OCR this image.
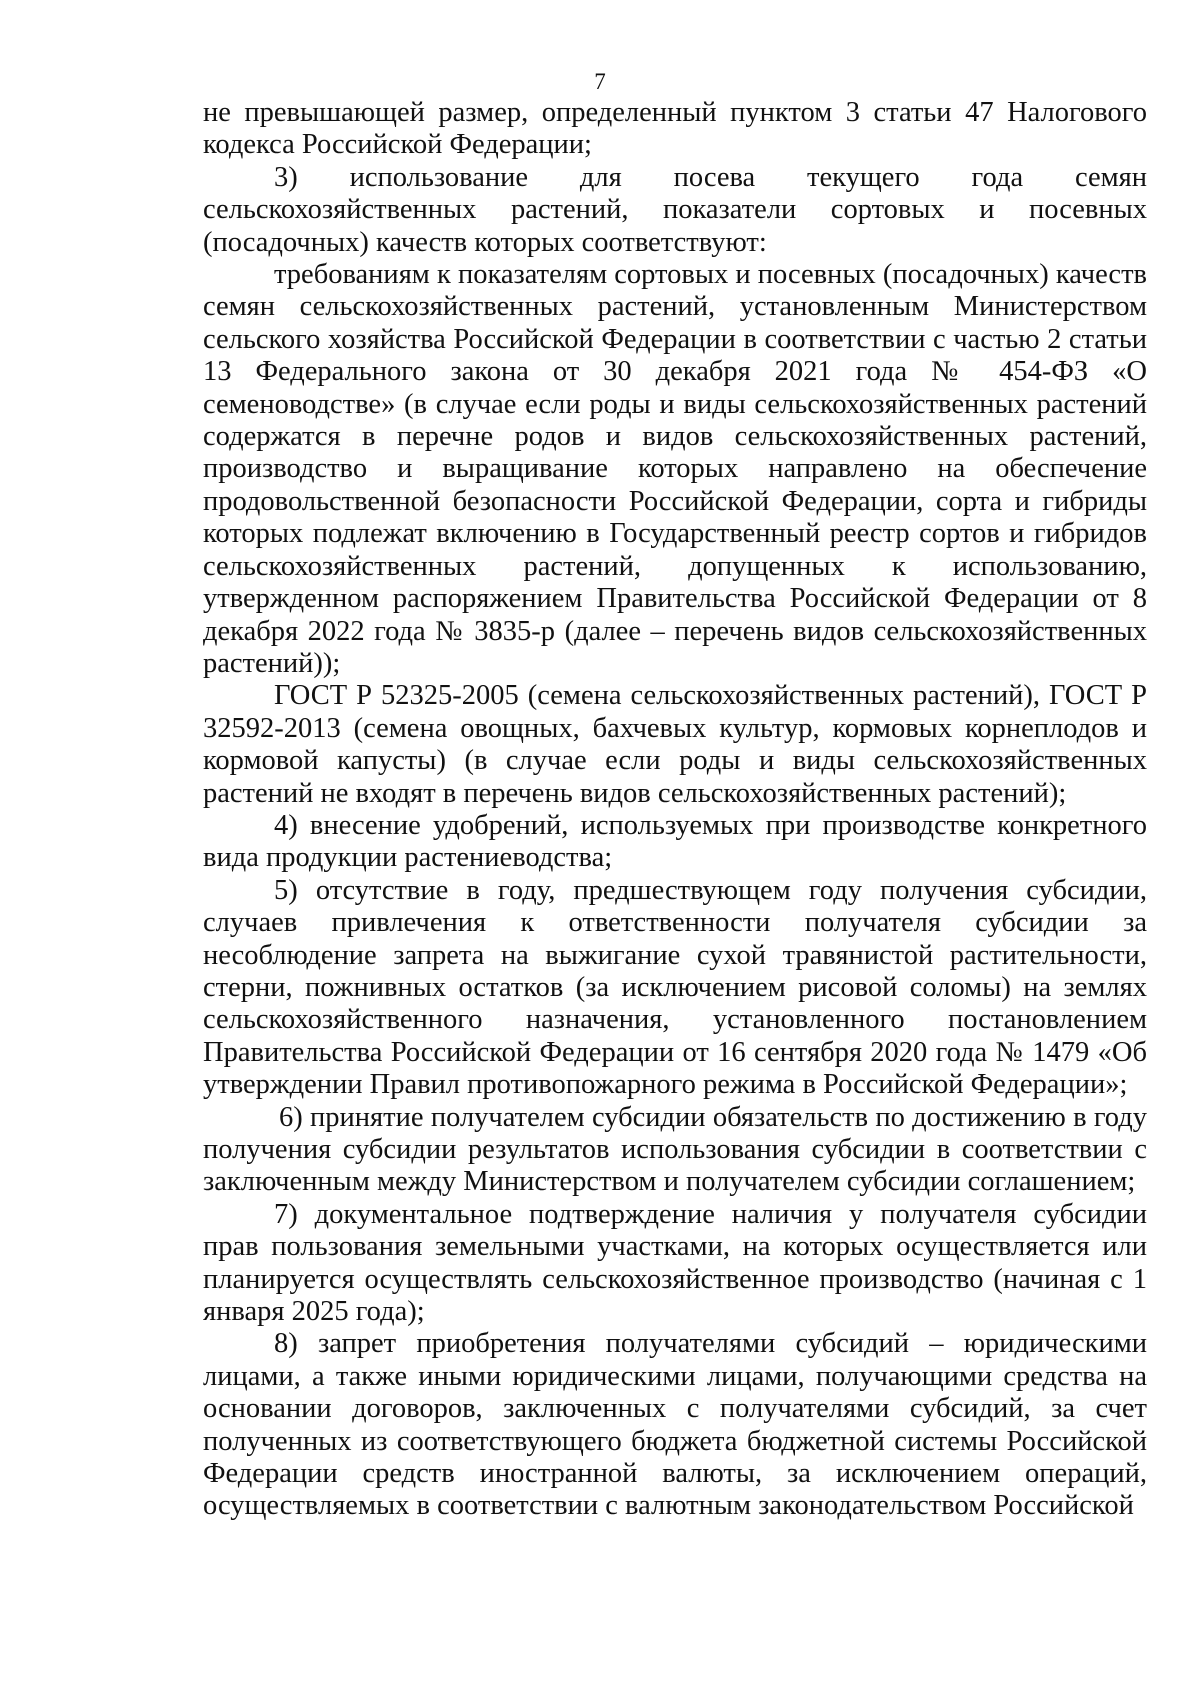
7

не превышающей размер, определенный пунктом 3 статьи 47 Налогового кодекса Российской Федерации;

3) использование для посева текущего года семян сельскохозяйственных растений, показатели сортовых и посевных (посадочных) качеств которых соответствуют:

требованиям к показателям сортовых и посевных (посадочных) качеств семян сельскохозяйственных растений, установленным Министерством сельского хозяйства Российской Федерации в соответствии с частью 2 статьи 13 Федерального закона от 30 декабря 2021 года № 454-ФЗ «О семеноводстве» (в случае если роды и виды сельскохозяйственных растений содержатся в перечне родов и видов сельскохозяйственных растений, производство и выращивание которых направлено на обеспечение продовольственной безопасности Российской Федерации, сорта и гибриды которых подлежат включению в Государственный реестр сортов и гибридов сельскохозяйственных растений, допущенных к использованию, утвержденном распоряжением Правительства Российской Федерации от 8 декабря 2022 года № 3835-р (далее – перечень видов сельскохозяйственных растений));

ГОСТ Р 52325-2005 (семена сельскохозяйственных растений), ГОСТ Р 32592-2013 (семена овощных, бахчевых культур, кормовых корнеплодов и кормовой капусты) (в случае если роды и виды сельскохозяйственных растений не входят в перечень видов сельскохозяйственных растений);

4) внесение удобрений, используемых при производстве конкретного вида продукции растениеводства;

5) отсутствие в году, предшествующем году получения субсидии, случаев привлечения к ответственности получателя субсидии за несоблюдение запрета на выжигание сухой травянистой растительности, стерни, пожнивных остатков (за исключением рисовой соломы) на землях сельскохозяйственного назначения, установленного постановлением Правительства Российской Федерации от 16 сентября 2020 года № 1479 «Об утверждении Правил противопожарного режима в Российской Федерации»;

6) принятие получателем субсидии обязательств по достижению в году получения субсидии результатов использования субсидии в соответствии с заключенным между Министерством и получателем субсидии соглашением;

7) документальное подтверждение наличия у получателя субсидии прав пользования земельными участками, на которых осуществляется или планируется осуществлять сельскохозяйственное производство (начиная с 1 января 2025 года);

8) запрет приобретения получателями субсидий – юридическими лицами, а также иными юридическими лицами, получающими средства на основании договоров, заключенных с получателями субсидий, за счет полученных из соответствующего бюджета бюджетной системы Российской Федерации средств иностранной валюты, за исключением операций, осуществляемых в соответствии с валютным законодательством Российской
